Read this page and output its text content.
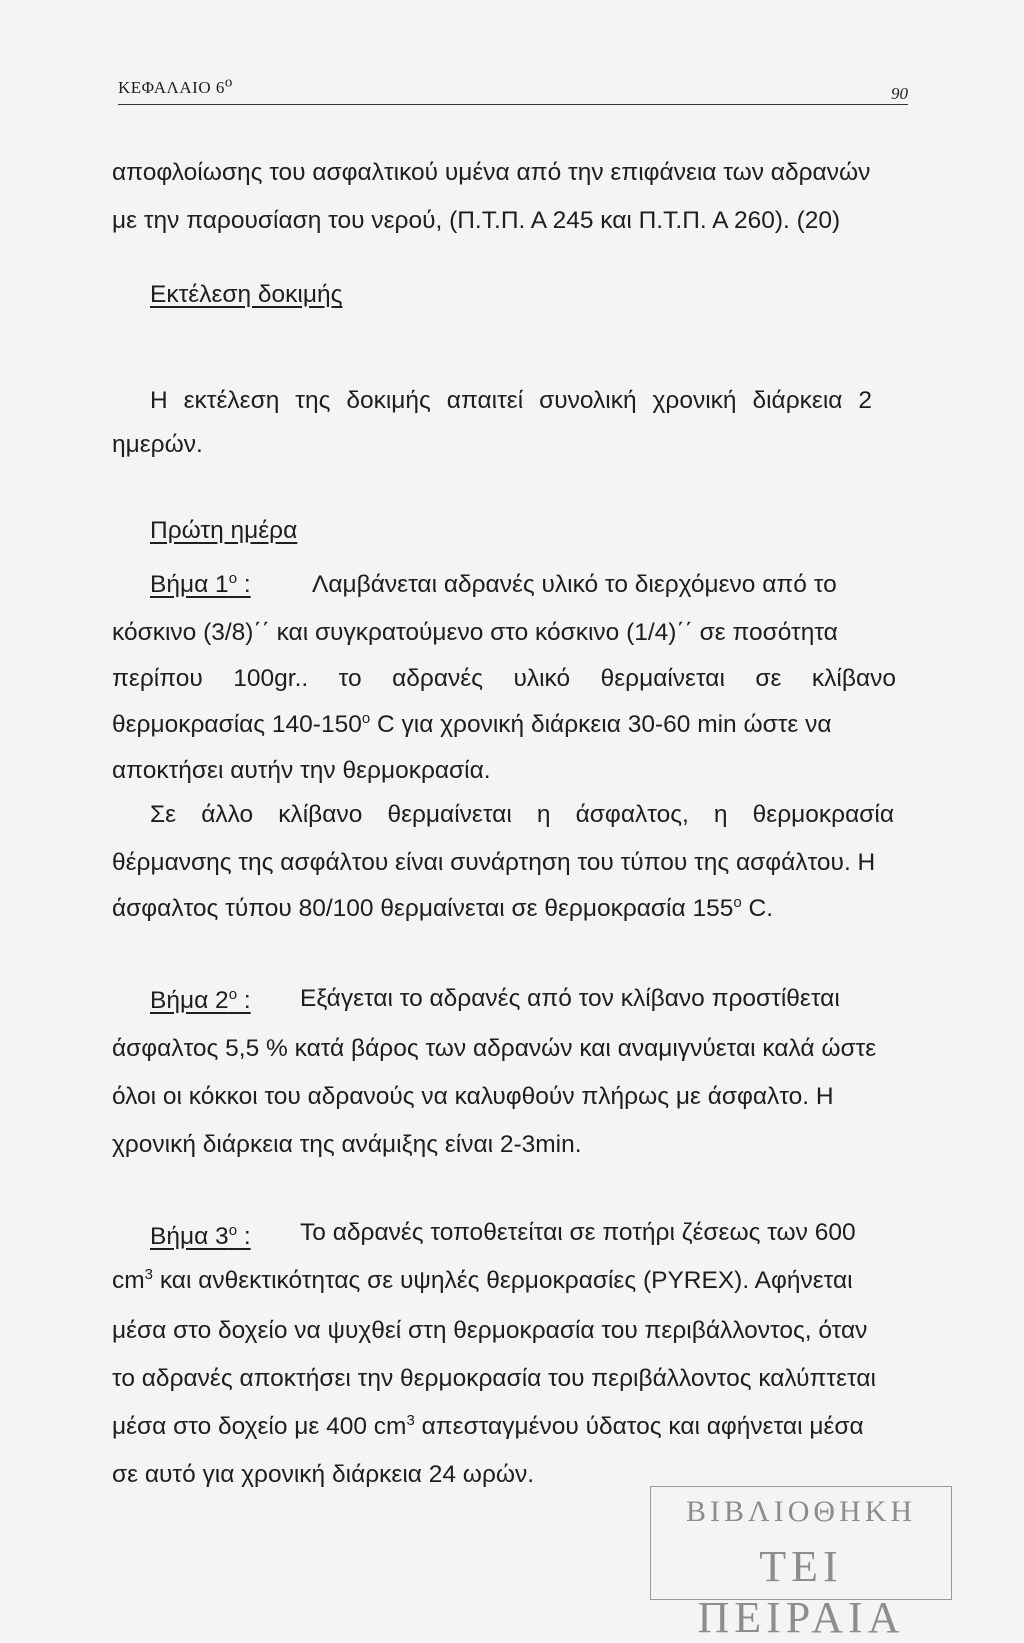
ΚΕΦΑΛΑΙΟ $6^o$
90
αποφλοίωσης του ασφαλτικού υμένα από την επιφάνεια των αδρανών
με την παρουσίαση του νερού, (Π.Τ.Π. Α 245 και Π.Τ.Π. Α 260). (20)
Εκτέλεση δοκιμής
Η εκτέλεση της δοκιμής απαιτεί συνολική χρονική διάρκεια 2
ημερών.
Πρώτη ημέρα
Βήμα $1^o$ :	Λαμβάνεται αδρανές υλικό το διερχόμενο από το
κόσκινο (3/8)΄΄ και συγκρατούμενο στο κόσκινο (1/4)΄΄ σε ποσότητα
περίπου 100gr.. το αδρανές υλικό θερμαίνεται σε κλίβανο
θερμοκρασίας $140-150^o$ C για χρονική διάρκεια 30-60 min ώστε να
αποκτήσει αυτήν την θερμοκρασία.
Σε άλλο κλίβανο θερμαίνεται η άσφαλτος, η θερμοκρασία
θέρμανσης της ασφάλτου είναι συνάρτηση του τύπου της ασφάλτου. Η
άσφαλτος τύπου 80/100 θερμαίνεται σε θερμοκρασία $155^o$ C.
Βήμα $2^o$ : Εξάγεται το αδρανές από τον κλίβανο προστίθεται
άσφαλτος 5,5 % κατά βάρος των αδρανών και αναμιγνύεται καλά ώστε
όλοι οι κόκκοι του αδρανούς να καλυφθούν πλήρως με άσφαλτο. Η
χρονική διάρκεια της ανάμιξης είναι 2-3min.
Βήμα $3^o$ : Το αδρανές τοποθετείται σε ποτήρι ζέσεως των 600
$cm^3$ και ανθεκτικότητας σε υψηλές θερμοκρασίες (PYREX). Αφήνεται
μέσα στο δοχείο να ψυχθεί στη θερμοκρασία του περιβάλλοντος, όταν
το αδρανές αποκτήσει την θερμοκρασία του περιβάλλοντος καλύπτεται
μέσα στο δοχείο με 400 $cm^3$ απεσταγμένου ύδατος και αφήνεται μέσα
σε αυτό για χρονική διάρκεια 24 ωρών.
ΒΙΒΛΙΟΘΗΚΗ
ΤΕΙ ΠΕΙΡΑΙΑ
